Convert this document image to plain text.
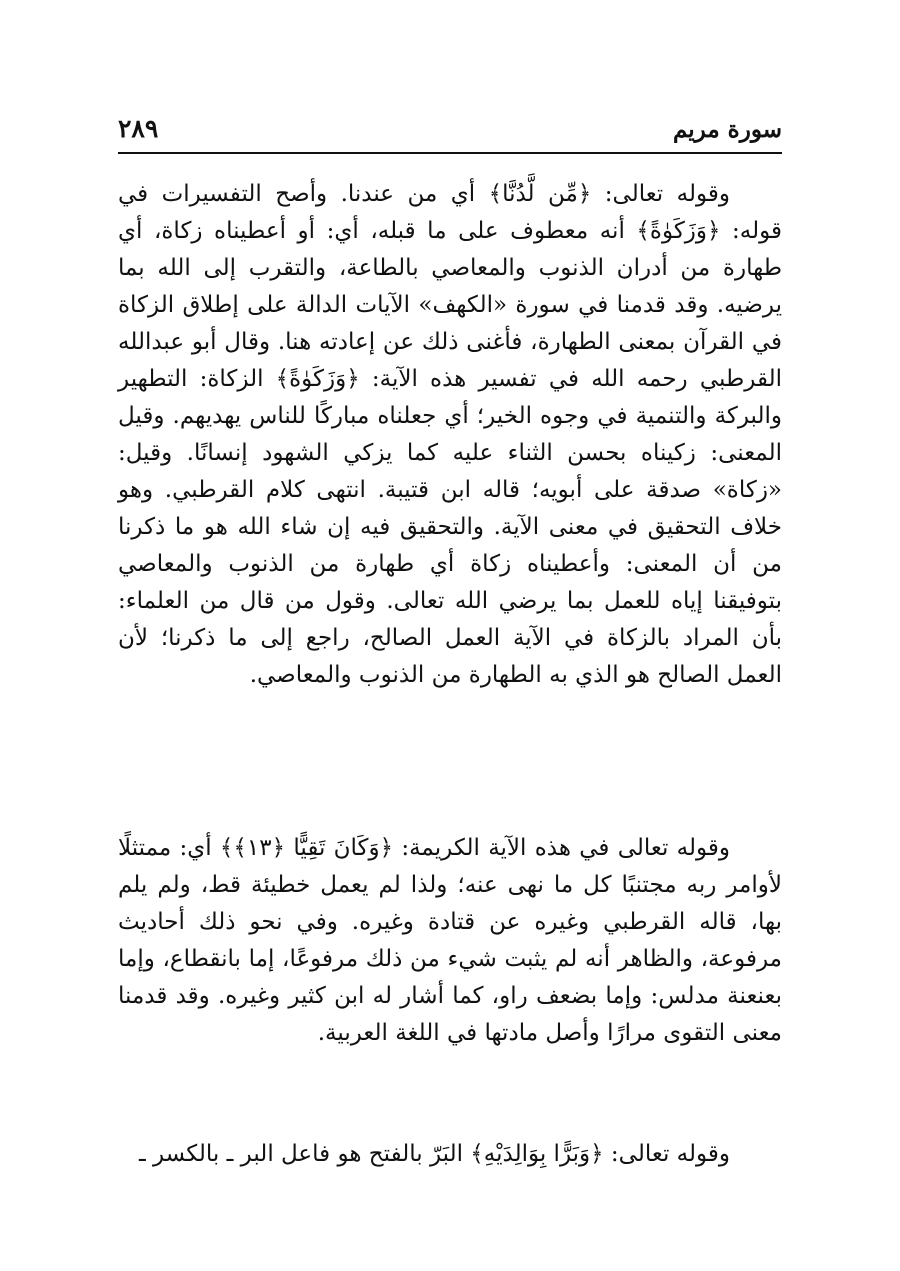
٢٨٩	سورة مريم

وقوله تعالى: ﴿مِّن لَّدُنَّا﴾ أي من عندنا. وأصح التفسيرات في قوله: ﴿وَزَكَوٰةً﴾ أنه معطوف على ما قبله، أي: أو أعطيناه زكاة، أي طهارة من أدران الذنوب والمعاصي بالطاعة، والتقرب إلى الله بما يرضيه. وقد قدمنا في سورة «الكهف» الآيات الدالة على إطلاق الزكاة في القرآن بمعنى الطهارة، فأغنى ذلك عن إعادته هنا. وقال أبو عبدالله القرطبي رحمه الله في تفسير هذه الآية: ﴿وَزَكَوٰةً﴾ الزكاة: التطهير والبركة والتنمية في وجوه الخير؛ أي جعلناه مباركًا للناس يهديهم. وقيل المعنى: زكيناه بحسن الثناء عليه كما يزكي الشهود إنسانًا. وقيل: «زكاة» صدقة على أبويه؛ قاله ابن قتيبة. انتهى كلام القرطبي. وهو خلاف التحقيق في معنى الآية. والتحقيق فيه إن شاء الله هو ما ذكرنا من أن المعنى: وأعطيناه زكاة أي طهارة من الذنوب والمعاصي بتوفيقنا إياه للعمل بما يرضي الله تعالى. وقول من قال من العلماء: بأن المراد بالزكاة في الآية العمل الصالح، راجع إلى ما ذكرنا؛ لأن العمل الصالح هو الذي به الطهارة من الذنوب والمعاصي.

وقوله تعالى في هذه الآية الكريمة: ﴿وَكَانَ تَقِيًّا ﴿١٣﴾﴾ أي: ممتثلًا لأوامر ربه مجتنبًا كل ما نهى عنه؛ ولذا لم يعمل خطيئة قط، ولم يلم بها، قاله القرطبي وغيره عن قتادة وغيره. وفي نحو ذلك أحاديث مرفوعة، والظاهر أنه لم يثبت شيء من ذلك مرفوعًا، إما بانقطاع، وإما بعنعنة مدلس: وإما بضعف راو، كما أشار له ابن كثير وغيره. وقد قدمنا معنى التقوى مرارًا وأصل مادتها في اللغة العربية.

وقوله تعالى: ﴿وَبَرًّا بِوَالِدَيْهِ﴾ البَرّ بالفتح هو فاعل البر ـ بالكسر ـ
